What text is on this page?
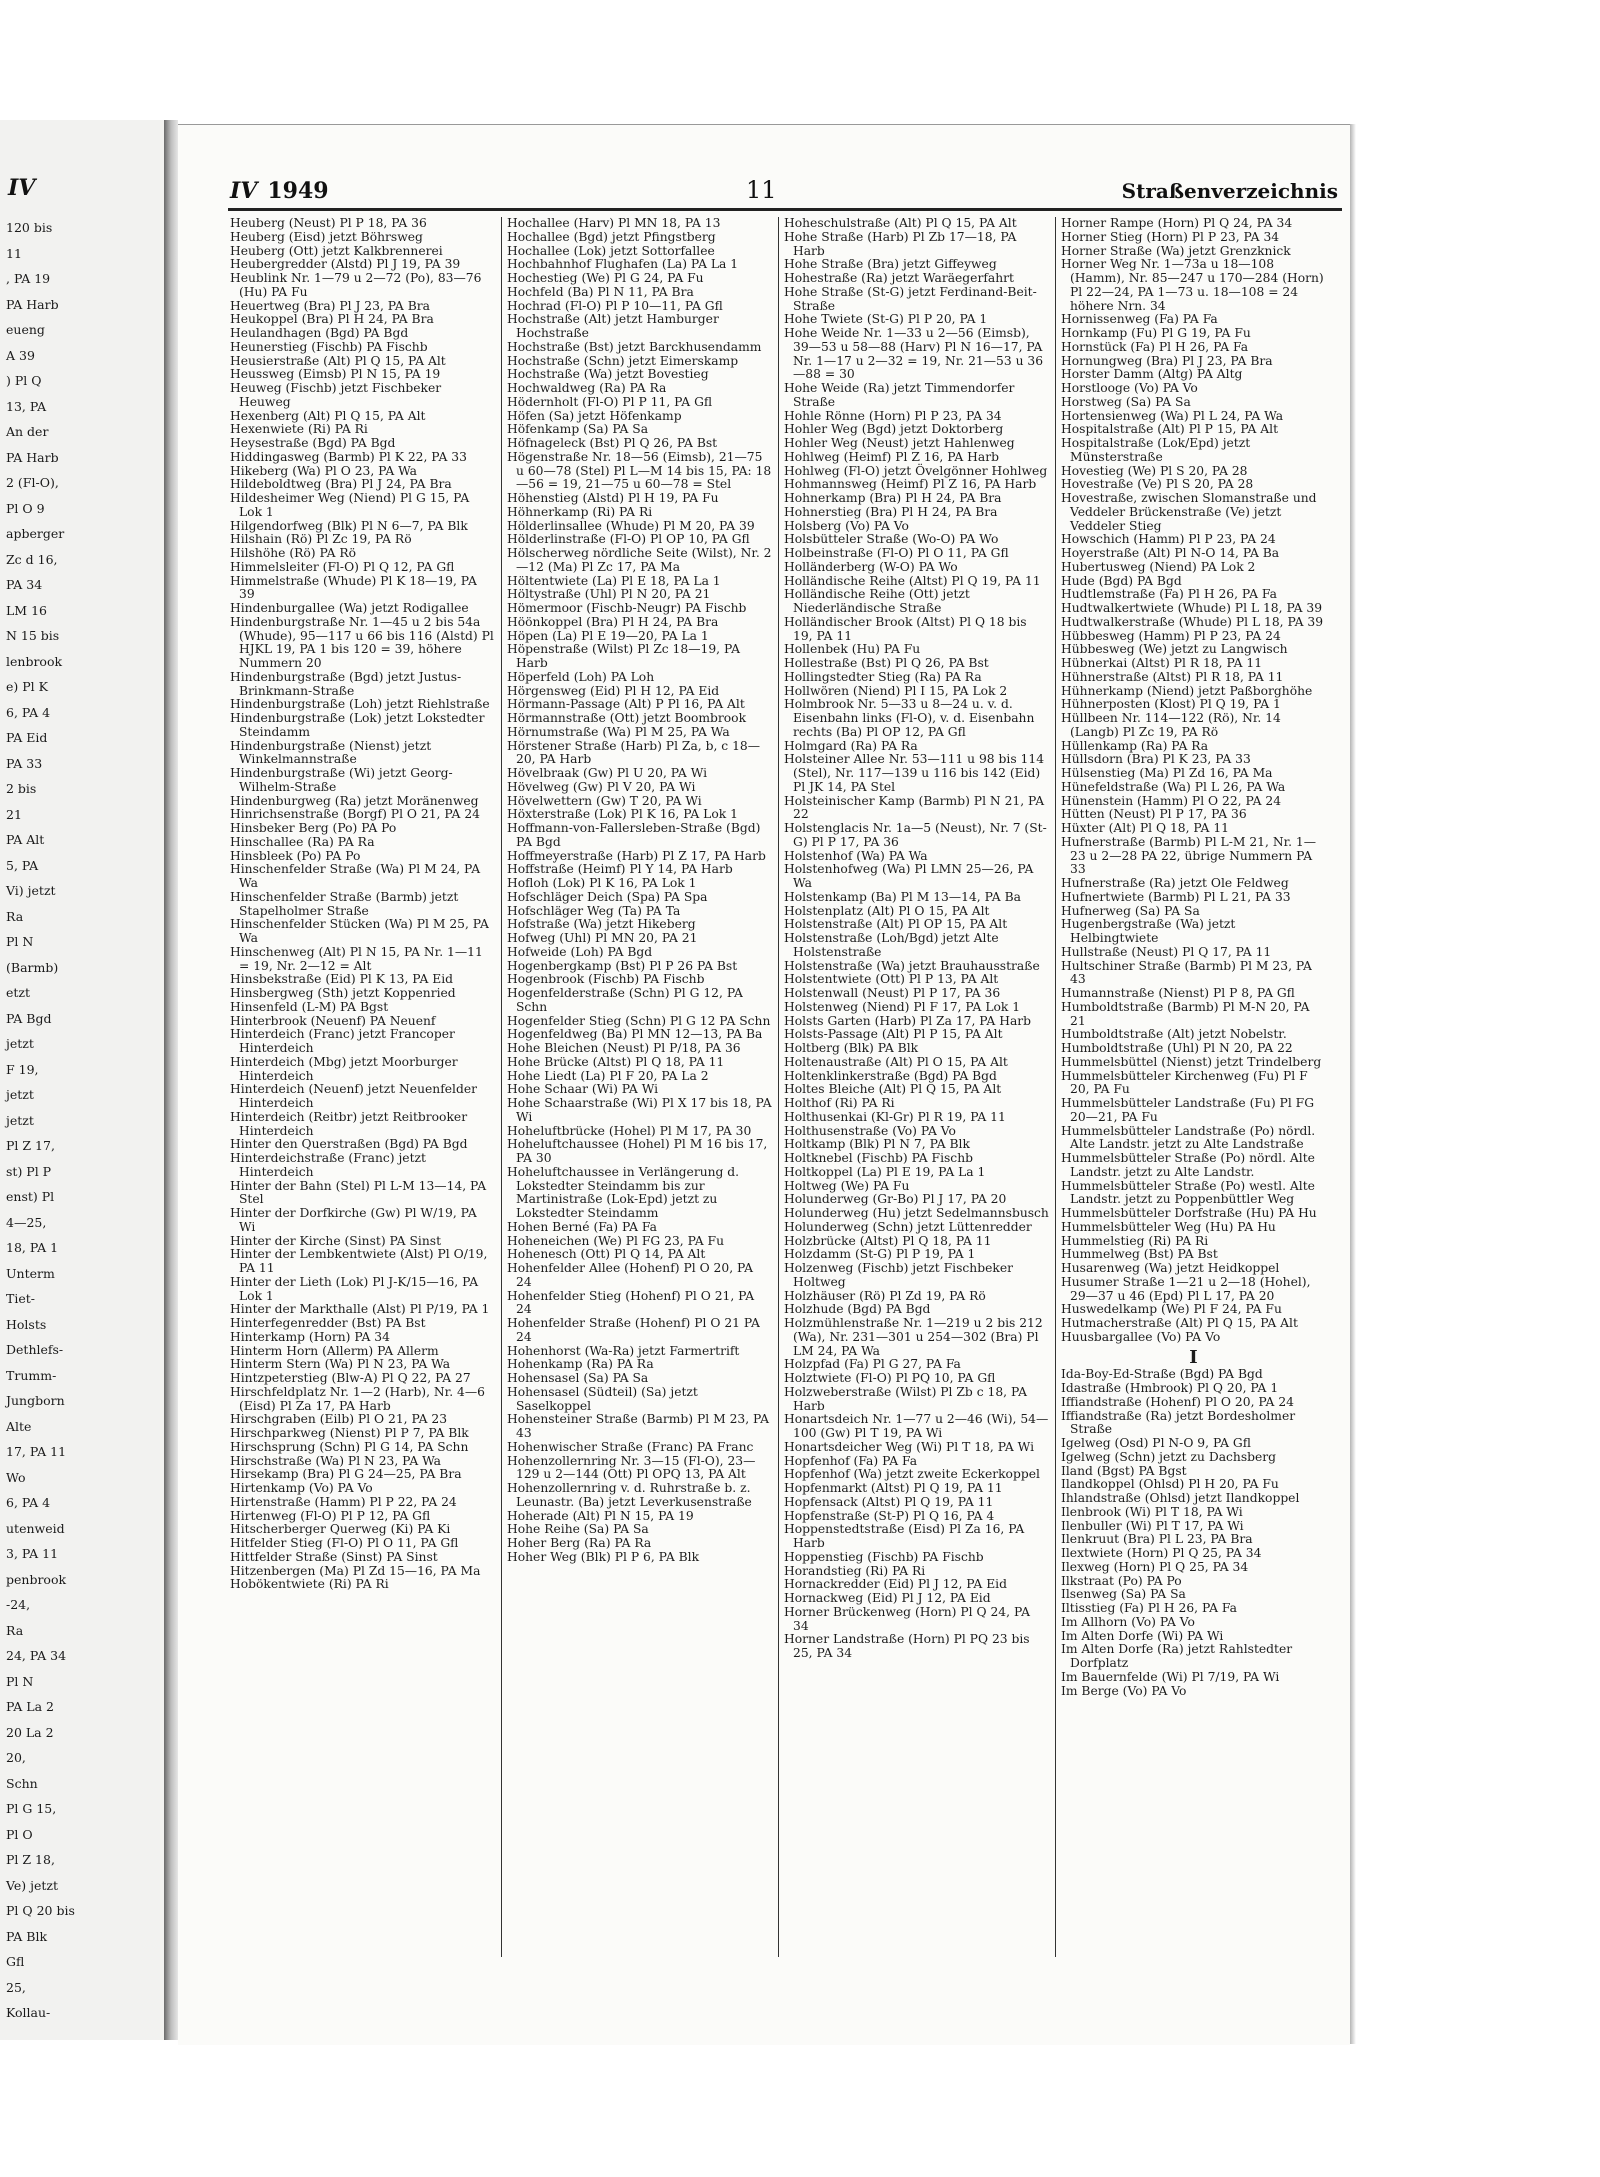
IV
120 bis
11
, PA 19
PA Harb
eueng
A 39
) Pl Q
13, PA
An der
PA Harb
2 (Fl-O),
Pl O 9
apberger
Zc d 16,
PA 34
LM 16
N 15 bis
lenbrook
e) Pl K
6, PA 4
PA Eid
PA 33
2 bis
21
PA Alt
5, PA
Vi) jetzt
Ra
Pl N
(Barmb)
etzt
PA Bgd
jetzt
F 19,
jetzt
jetzt
Pl Z 17,
st) Pl P
enst) Pl
4—25,
18, PA 1
Unterm
Tiet-
Holsts
Dethlefs-
Trumm-
Jungborn
Alte
17, PA 11
Wo
6, PA 4
utenweid
3, PA 11
penbrook
-24,
Ra
24, PA 34
Pl N
PA La 2
20 La 2
20,
Schn
Pl G 15,
Pl O
Pl Z 18,
Ve) jetzt
Pl Q 20 bis
PA Blk
Gfl
25,
Kollau-
IV 1949	11	Straßenverzeichnis
Heuberg (Neust) Pl P 18, PA 36
Heuberg (Eisd) jetzt Böhrsweg
Heuberg (Ott) jetzt Kalkbrennerei
Heubergredder (Alstd) Pl J 19, PA 39
Heublink Nr. 1—79 u 2—72 (Po), 83—76 (Hu) PA Fu
Heuertweg (Bra) Pl J 23, PA Bra
Heukoppel (Bra) Pl H 24, PA Bra
Heulandhagen (Bgd) PA Bgd
Heunerstieg (Fischb) PA Fischb
Heusierstraße (Alt) Pl Q 15, PA Alt
Heussweg (Eimsb) Pl N 15, PA 19
Heuweg (Fischb) jetzt Fischbeker Heuweg
Hexenberg (Alt) Pl Q 15, PA Alt
Hexenwiete (Ri) PA Ri
Heysestraße (Bgd) PA Bgd
Hiddingasweg (Barmb) Pl K 22, PA 33
Hikeberg (Wa) Pl O 23, PA Wa
Hildeboldtweg (Bra) Pl J 24, PA Bra
Hildesheimer Weg (Niend) Pl G 15, PA Lok 1
Hilgendorfweg (Blk) Pl N 6—7, PA Blk
Hilshain (Rö) Pl Zc 19, PA Rö
Hilshöhe (Rö) PA Rö
Himmelsleiter (Fl-O) Pl Q 12, PA Gfl
Himmelstraße (Whude) Pl K 18—19, PA 39
Hindenburgallee (Wa) jetzt Rodigallee
Hindenburgstraße Nr. 1—45 u 2 bis 54a (Whude), 95—117 u 66 bis 116 (Alstd) Pl HJKL 19, PA 1 bis 120 = 39, höhere Nummern 20
Hindenburgstraße (Bgd) jetzt Justus-Brinkmann-Straße
Hindenburgstraße (Loh) jetzt Riehlstraße
Hindenburgstraße (Lok) jetzt Lokstedter Steindamm
Hindenburgstraße (Nienst) jetzt Winkelmannstraße
Hindenburgstraße (Wi) jetzt Georg-Wilhelm-Straße
Hindenburgweg (Ra) jetzt Moränenweg
Hinrichsenstraße (Borgf) Pl O 21, PA 24
Hinsbeker Berg (Po) PA Po
Hinschallee (Ra) PA Ra
Hinsbleek (Po) PA Po
Hinschenfelder Straße (Wa) Pl M 24, PA Wa
Hinschenfelder Straße (Barmb) jetzt Stapelholmer Straße
Hinschenfelder Stücken (Wa) Pl M 25, PA Wa
Hinschenweg (Alt) Pl N 15, PA Nr. 1—11 = 19, Nr. 2—12 = Alt
Hinsbekstraße (Eid) Pl K 13, PA Eid
Hinsbergweg (Sth) jetzt Koppenried
Hinsenfeld (L-M) PA Bgst
Hinterbrook (Neuenf) PA Neuenf
Hinterdeich (Franc) jetzt Francoper Hinterdeich
Hinterdeich (Mbg) jetzt Moorburger Hinterdeich
Hinterdeich (Neuenf) jetzt Neuenfelder Hinterdeich
Hinterdeich (Reitbr) jetzt Reitbrooker Hinterdeich
Hinter den Querstraßen (Bgd) PA Bgd
Hinterdeichstraße (Franc) jetzt Hinterdeich
Hinter der Bahn (Stel) Pl L-M 13—14, PA Stel
Hinter der Dorfkirche (Gw) Pl W/19, PA Wi
Hinter der Kirche (Sinst) PA Sinst
Hinter der Lembkentwiete (Alst) Pl O/19, PA 11
Hinter der Lieth (Lok) Pl J-K/15—16, PA Lok 1
Hinter der Markthalle (Alst) Pl P/19, PA 1
Hinterfegenredder (Bst) PA Bst
Hinterkamp (Horn) PA 34
Hinterm Horn (Allerm) PA Allerm
Hinterm Stern (Wa) Pl N 23, PA Wa
Hintzpeterstieg (Blw-A) Pl Q 22, PA 27
Hirschfeldplatz Nr. 1—2 (Harb), Nr. 4—6 (Eisd) Pl Za 17, PA Harb
Hirschgraben (Eilb) Pl O 21, PA 23
Hirschparkweg (Nienst) Pl P 7, PA Blk
Hirschsprung (Schn) Pl G 14, PA Schn
Hirschstraße (Wa) Pl N 23, PA Wa
Hirsekamp (Bra) Pl G 24—25, PA Bra
Hirtenkamp (Vo) PA Vo
Hirtenstraße (Hamm) Pl P 22, PA 24
Hirtenweg (Fl-O) Pl P 12, PA Gfl
Hitscherberger Querweg (Ki) PA Ki
Hitfelder Stieg (Fl-O) Pl O 11, PA Gfl
Hittfelder Straße (Sinst) PA Sinst
Hitzenbergen (Ma) Pl Zd 15—16, PA Ma
Hobökentwiete (Ri) PA Ri
Hochallee (Harv) Pl MN 18, PA 13
Hochallee (Bgd) jetzt Pfingstberg
Hochallee (Lok) jetzt Sottorfallee
Hochbahnhof Flughafen (La) PA La 1
Hochestieg (We) Pl G 24, PA Fu
Hochfeld (Ba) Pl N 11, PA Bra
Hochrad (Fl-O) Pl P 10—11, PA Gfl
Hochstraße (Alt) jetzt Hamburger Hochstraße
Hochstraße (Bst) jetzt Barckhusendamm
Hochstraße (Schn) jetzt Eimerskamp
Hochstraße (Wa) jetzt Bovestieg
Hochwaldweg (Ra) PA Ra
Hödernholt (Fl-O) Pl P 11, PA Gfl
Höfen (Sa) jetzt Höfenkamp
Höfenkamp (Sa) PA Sa
Höfnageleck (Bst) Pl Q 26, PA Bst
Högenstraße Nr. 18—56 (Eimsb), 21—75 u 60—78 (Stel) Pl L—M 14 bis 15, PA: 18—56 = 19, 21—75 u 60—78 = Stel
Höhenstieg (Alstd) Pl H 19, PA Fu
Höhnerkamp (Ri) PA Ri
Hölderlinsallee (Whude) Pl M 20, PA 39
Hölderlinstraße (Fl-O) Pl OP 10, PA Gfl
Hölscherweg nördliche Seite (Wilst), Nr. 2—12 (Ma) Pl Zc 17, PA Ma
Höltentwiete (La) Pl E 18, PA La 1
Höltystraße (Uhl) Pl N 20, PA 21
Hömermoor (Fischb-Neugr) PA Fischb
Höönkoppel (Bra) Pl H 24, PA Bra
Höpen (La) Pl E 19—20, PA La 1
Höpenstraße (Wilst) Pl Zc 18—19, PA Harb
Höperfeld (Loh) PA Loh
Hörgensweg (Eid) Pl H 12, PA Eid
Hörmann-Passage (Alt) P Pl 16, PA Alt
Hörmannstraße (Ott) jetzt Boombrook
Hörnumstraße (Wa) Pl M 25, PA Wa
Hörstener Straße (Harb) Pl Za, b, c 18—20, PA Harb
Hövelbraak (Gw) Pl U 20, PA Wi
Hövelweg (Gw) Pl V 20, PA Wi
Hövelwettern (Gw) T 20, PA Wi
Höxterstraße (Lok) Pl K 16, PA Lok 1
Hoffmann-von-Fallersleben-Straße (Bgd) PA Bgd
Hoffmeyerstraße (Harb) Pl Z 17, PA Harb
Hoffstraße (Heimf) Pl Y 14, PA Harb
Hofloh (Lok) Pl K 16, PA Lok 1
Hofschläger Deich (Spa) PA Spa
Hofschläger Weg (Ta) PA Ta
Hofstraße (Wa) jetzt Hikeberg
Hofweg (Uhl) Pl MN 20, PA 21
Hofweide (Loh) PA Bgd
Hogenbergkamp (Bst) Pl P 26 PA Bst
Hogenbrook (Fischb) PA Fischb
Hogenfelderstraße (Schn) Pl G 12, PA Schn
Hogenfelder Stieg (Schn) Pl G 12 PA Schn
Hogenfeldweg (Ba) Pl MN 12—13, PA Ba
Hohe Bleichen (Neust) Pl P/18, PA 36
Hohe Brücke (Altst) Pl Q 18, PA 11
Hohe Liedt (La) Pl F 20, PA La 2
Hohe Schaar (Wi) PA Wi
Hohe Schaarstraße (Wi) Pl X 17 bis 18, PA Wi
Hoheluftbrücke (Hohel) Pl M 17, PA 30
Hoheluftchaussee (Hohel) Pl M 16 bis 17, PA 30
Hoheluftchaussee in Verlängerung d. Lokstedter Steindamm bis zur Martinistraße (Lok-Epd) jetzt zu Lokstedter Steindamm
Hohen Berné (Fa) PA Fa
Hoheneichen (We) Pl FG 23, PA Fu
Hohenesch (Ott) Pl Q 14, PA Alt
Hohenfelder Allee (Hohenf) Pl O 20, PA 24
Hohenfelder Stieg (Hohenf) Pl O 21, PA 24
Hohenfelder Straße (Hohenf) Pl O 21 PA 24
Hohenhorst (Wa-Ra) jetzt Farmertrift
Hohenkamp (Ra) PA Ra
Hohensasel (Sa) PA Sa
Hohensasel (Südteil) (Sa) jetzt Saselkoppel
Hohensteiner Straße (Barmb) Pl M 23, PA 43
Hohenwischer Straße (Franc) PA Franc
Hohenzollernring Nr. 3—15 (Fl-O), 23—129 u 2—144 (Ott) Pl OPQ 13, PA Alt
Hohenzollernring v. d. Ruhrstraße b. z. Leunastr. (Ba) jetzt Leverkusenstraße
Hoherade (Alt) Pl N 15, PA 19
Hohe Reihe (Sa) PA Sa
Hoher Berg (Ra) PA Ra
Hoher Weg (Blk) Pl P 6, PA Blk
Hoheschulstraße (Alt) Pl Q 15, PA Alt
Hohe Straße (Harb) Pl Zb 17—18, PA Harb
Hohe Straße (Bra) jetzt Giffeyweg
Hohestraße (Ra) jetzt Waräegerfahrt
Hohe Straße (St-G) jetzt Ferdinand-Beit-Straße
Hohe Twiete (St-G) Pl P 20, PA 1
Hohe Weide Nr. 1—33 u 2—56 (Eimsb), 39—53 u 58—88 (Harv) Pl N 16—17, PA Nr. 1—17 u 2—32 = 19, Nr. 21—53 u 36—88 = 30
Hohe Weide (Ra) jetzt Timmendorfer Straße
Hohle Rönne (Horn) Pl P 23, PA 34
Hohler Weg (Bgd) jetzt Doktorberg
Hohler Weg (Neust) jetzt Hahlenweg
Hohlweg (Heimf) Pl Z 16, PA Harb
Hohlweg (Fl-O) jetzt Övelgönner Hohlweg
Hohmannsweg (Heimf) Pl Z 16, PA Harb
Hohnerkamp (Bra) Pl H 24, PA Bra
Hohnerstieg (Bra) Pl H 24, PA Bra
Holsberg (Vo) PA Vo
Holsbütteler Straße (Wo-O) PA Wo
Holbeinstraße (Fl-O) Pl O 11, PA Gfl
Holländerberg (W-O) PA Wo
Holländische Reihe (Altst) Pl Q 19, PA 11
Holländische Reihe (Ott) jetzt Niederländische Straße
Holländischer Brook (Altst) Pl Q 18 bis 19, PA 11
Hollenbek (Hu) PA Fu
Hollestraße (Bst) Pl Q 26, PA Bst
Hollingstedter Stieg (Ra) PA Ra
Hollwören (Niend) Pl I 15, PA Lok 2
Holmbrook Nr. 5—33 u 8—24 u. v. d. Eisenbahn links (Fl-O), v. d. Eisenbahn rechts (Ba) Pl OP 12, PA Gfl
Holmgard (Ra) PA Ra
Holsteiner Allee Nr. 53—111 u 98 bis 114 (Stel), Nr. 117—139 u 116 bis 142 (Eid) Pl JK 14, PA Stel
Holsteinischer Kamp (Barmb) Pl N 21, PA 22
Holstenglacis Nr. 1a—5 (Neust), Nr. 7 (St-G) Pl P 17, PA 36
Holstenhof (Wa) PA Wa
Holstenhofweg (Wa) Pl LMN 25—26, PA Wa
Holstenkamp (Ba) Pl M 13—14, PA Ba
Holstenplatz (Alt) Pl O 15, PA Alt
Holstenstraße (Alt) Pl OP 15, PA Alt
Holstenstraße (Loh/Bgd) jetzt Alte Holstenstraße
Holstenstraße (Wa) jetzt Brauhausstraße
Holstentwiete (Ott) Pl P 13, PA Alt
Holstenwall (Neust) Pl P 17, PA 36
Holstenweg (Niend) Pl F 17, PA Lok 1
Holsts Garten (Harb) Pl Za 17, PA Harb
Holsts-Passage (Alt) Pl P 15, PA Alt
Holtberg (Blk) PA Blk
Holtenaustraße (Alt) Pl O 15, PA Alt
Holtenklinkerstraße (Bgd) PA Bgd
Holtes Bleiche (Alt) Pl Q 15, PA Alt
Holthof (Ri) PA Ri
Holthusenkai (Kl-Gr) Pl R 19, PA 11
Holthusenstraße (Vo) PA Vo
Holtkamp (Blk) Pl N 7, PA Blk
Holtknebel (Fischb) PA Fischb
Holtkoppel (La) Pl E 19, PA La 1
Holtweg (We) PA Fu
Holunderweg (Gr-Bo) Pl J 17, PA 20
Holunderweg (Hu) jetzt Sedelmannsbusch
Holunderweg (Schn) jetzt Lüttenredder
Holzbrücke (Altst) Pl Q 18, PA 11
Holzdamm (St-G) Pl P 19, PA 1
Holzenweg (Fischb) jetzt Fischbeker Holtweg
Holzhäuser (Rö) Pl Zd 19, PA Rö
Holzhude (Bgd) PA Bgd
Holzmühlenstraße Nr. 1—219 u 2 bis 212 (Wa), Nr. 231—301 u 254—302 (Bra) Pl LM 24, PA Wa
Holzpfad (Fa) Pl G 27, PA Fa
Holztwiete (Fl-O) Pl PQ 10, PA Gfl
Holzweberstraße (Wilst) Pl Zb c 18, PA Harb
Honartsdeich Nr. 1—77 u 2—46 (Wi), 54—100 (Gw) Pl T 19, PA Wi
Honartsdeicher Weg (Wi) Pl T 18, PA Wi
Hopfenhof (Fa) PA Fa
Hopfenhof (Wa) jetzt zweite Eckerkoppel
Hopfenmarkt (Altst) Pl Q 19, PA 11
Hopfensack (Altst) Pl Q 19, PA 11
Hopfenstraße (St-P) Pl Q 16, PA 4
Hoppenstedtstraße (Eisd) Pl Za 16, PA Harb
Hoppenstieg (Fischb) PA Fischb
Horandstieg (Ri) PA Ri
Hornackredder (Eid) Pl J 12, PA Eid
Hornackweg (Eid) Pl J 12, PA Eid
Horner Brückenweg (Horn) Pl Q 24, PA 34
Horner Landstraße (Horn) Pl PQ 23 bis 25, PA 34
Horner Rampe (Horn) Pl Q 24, PA 34
Horner Stieg (Horn) Pl P 23, PA 34
Horner Straße (Wa) jetzt Grenzknick
Horner Weg Nr. 1—73a u 18—108 (Hamm), Nr. 85—247 u 170—284 (Horn) Pl 22—24, PA 1—73 u. 18—108 = 24 höhere Nrn. 34
Hornissenweg (Fa) PA Fa
Hornkamp (Fu) Pl G 19, PA Fu
Hornstück (Fa) Pl H 26, PA Fa
Hornungweg (Bra) Pl J 23, PA Bra
Horster Damm (Altg) PA Altg
Horstlooge (Vo) PA Vo
Horstweg (Sa) PA Sa
Hortensienweg (Wa) Pl L 24, PA Wa
Hospitalstraße (Alt) Pl P 15, PA Alt
Hospitalstraße (Lok/Epd) jetzt Münsterstraße
Hovestieg (We) Pl S 20, PA 28
Hovestraße (Ve) Pl S 20, PA 28
Hovestraße, zwischen Slomanstraße und Veddeler Brückenstraße (Ve) jetzt Veddeler Stieg
Howschich (Hamm) Pl P 23, PA 24
Hoyerstraße (Alt) Pl N-O 14, PA Ba
Hubertusweg (Niend) PA Lok 2
Hude (Bgd) PA Bgd
Hudtlemstraße (Fa) Pl H 26, PA Fa
Hudtwalkertwiete (Whude) Pl L 18, PA 39
Hudtwalkerstraße (Whude) Pl L 18, PA 39
Hübbesweg (Hamm) Pl P 23, PA 24
Hübbesweg (We) jetzt zu Langwisch
Hübnerkai (Altst) Pl R 18, PA 11
Hühnerstraße (Altst) Pl R 18, PA 11
Hühnerkamp (Niend) jetzt Paßborghöhe
Hühnerposten (Klost) Pl Q 19, PA 1
Hüllbeen Nr. 114—122 (Rö), Nr. 14 (Langb) Pl Zc 19, PA Rö
Hüllenkamp (Ra) PA Ra
Hüllsdorn (Bra) Pl K 23, PA 33
Hülsenstieg (Ma) Pl Zd 16, PA Ma
Hünefeldstraße (Wa) Pl L 26, PA Wa
Hünenstein (Hamm) Pl O 22, PA 24
Hütten (Neust) Pl P 17, PA 36
Hüxter (Alt) Pl Q 18, PA 11
Hufnerstraße (Barmb) Pl L-M 21, Nr. 1—23 u 2—28 PA 22, übrige Nummern PA 33
Hufnerstraße (Ra) jetzt Ole Feldweg
Hufnertwiete (Barmb) Pl L 21, PA 33
Hufnerweg (Sa) PA Sa
Hugenbergstraße (Wa) jetzt Helbingtwiete
Hullstraße (Neust) Pl Q 17, PA 11
Hultschiner Straße (Barmb) Pl M 23, PA 43
Humannstraße (Nienst) Pl P 8, PA Gfl
Humboldtstraße (Barmb) Pl M-N 20, PA 21
Humboldtstraße (Alt) jetzt Nobelstr.
Humboldtstraße (Uhl) Pl N 20, PA 22
Hummelsbüttel (Nienst) jetzt Trindelberg
Hummelsbütteler Kirchenweg (Fu) Pl F 20, PA Fu
Hummelsbütteler Landstraße (Fu) Pl FG 20—21, PA Fu
Hummelsbütteler Landstraße (Po) nördl. Alte Landstr. jetzt zu Alte Landstraße
Hummelsbütteler Straße (Po) nördl. Alte Landstr. jetzt zu Alte Landstr.
Hummelsbütteler Straße (Po) westl. Alte Landstr. jetzt zu Poppenbüttler Weg
Hummelsbütteler Dorfstraße (Hu) PA Hu
Hummelsbütteler Weg (Hu) PA Hu
Hummelstieg (Ri) PA Ri
Hummelweg (Bst) PA Bst
Husarenweg (Wa) jetzt Heidkoppel
Husumer Straße 1—21 u 2—18 (Hohel), 29—37 u 46 (Epd) Pl L 17, PA 20
Huswedelkamp (We) Pl F 24, PA Fu
Hutmacherstraße (Alt) Pl Q 15, PA Alt
Huusbargallee (Vo) PA Vo
I
Ida-Boy-Ed-Straße (Bgd) PA Bgd
Idastraße (Hmbrook) Pl Q 20, PA 1
Iffiandstraße (Hohenf) Pl O 20, PA 24
Iffiandstraße (Ra) jetzt Bordesholmer Straße
Igelweg (Osd) Pl N-O 9, PA Gfl
Igelweg (Schn) jetzt zu Dachsberg
Iland (Bgst) PA Bgst
Ilandkoppel (Ohlsd) Pl H 20, PA Fu
Ihlandstraße (Ohlsd) jetzt Ilandkoppel
Ilenbrook (Wi) Pl T 18, PA Wi
Ilenbuller (Wi) Pl T 17, PA Wi
Ilenkruut (Bra) Pl L 23, PA Bra
Ilextwiete (Horn) Pl Q 25, PA 34
Ilexweg (Horn) Pl Q 25, PA 34
Ilkstraat (Po) PA Po
Ilsenweg (Sa) PA Sa
Iltisstieg (Fa) Pl H 26, PA Fa
Im Allhorn (Vo) PA Vo
Im Alten Dorfe (Wi) PA Wi
Im Alten Dorfe (Ra) jetzt Rahlstedter Dorfplatz
Im Bauernfelde (Wi) Pl 7/19, PA Wi
Im Berge (Vo) PA Vo
